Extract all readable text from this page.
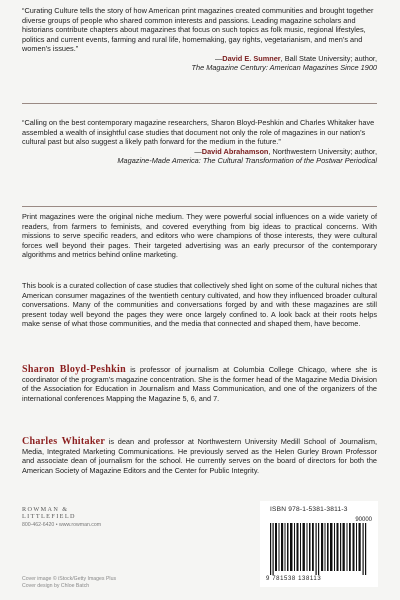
“Curating Culture tells the story of how American print magazines created communities and brought together diverse groups of people who shared common interests and passions. Leading magazine scholars and historians contribute chapters about magazines that focus on such topics as folk music, regional lifestyles, politics and current events, farming and rural life, homemaking, gay rights, vegetarianism, and men’s and women’s issues.”

—David E. Sumner, Ball State University; author,
The Magazine Century: American Magazines Since 1900

“Calling on the best contemporary magazine researchers, Sharon Bloyd-Peshkin and Charles Whitaker have assembled a wealth of insightful case studies that document not only the role of magazines in our nation’s cultural past but also suggest a likely path forward for the medium in the future.”

—David Abrahamson, Northwestern University; author,
Magazine-Made America: The Cultural Transformation of the Postwar Periodical

Print magazines were the original niche medium. They were powerful social influences on a wide variety of readers, from farmers to feminists, and covered everything from big ideas to practical concerns. With missions to serve specific readers, and editors who were champions of those interests, they were cultural forces well beyond their pages. Their targeted advertising was an early precursor of the contemporary algorithms and metrics behind online marketing.

This book is a curated collection of case studies that collectively shed light on some of the cultural niches that American consumer magazines of the twentieth century cultivated, and how they influenced broader cultural conversations. Many of the communities and conversations forged by and with these magazines are still present today well beyond the pages they were once largely confined to. A look back at their roots helps make sense of what those communities, and the media that connected and shaped them, have become.

Sharon Bloyd-Peshkin is professor of journalism at Columbia College Chicago, where she is coordinator of the program’s magazine concentration. She is the former head of the Magazine Media Division of the Association for Education in Journalism and Mass Communication, and one of the organizers of the international conferences Mapping the Magazine 5, 6, and 7.

Charles Whitaker is dean and professor at Northwestern University Medill School of Journalism, Media, Integrated Marketing Communications. He previously served as the Helen Gurley Brown Professor and associate dean of journalism for the school. He currently serves on the board of directors for both the American Society of Magazine Editors and the Center for Public Integrity.

ROWMAN &

LITTLEFIELD

800-462-6420 • www.rowman.com

Cover image © iStock/Getty Images Plus

Cover design by Chloe Batch

ISBN 978-1-5381-3811-3
90000
9 781538 138113
